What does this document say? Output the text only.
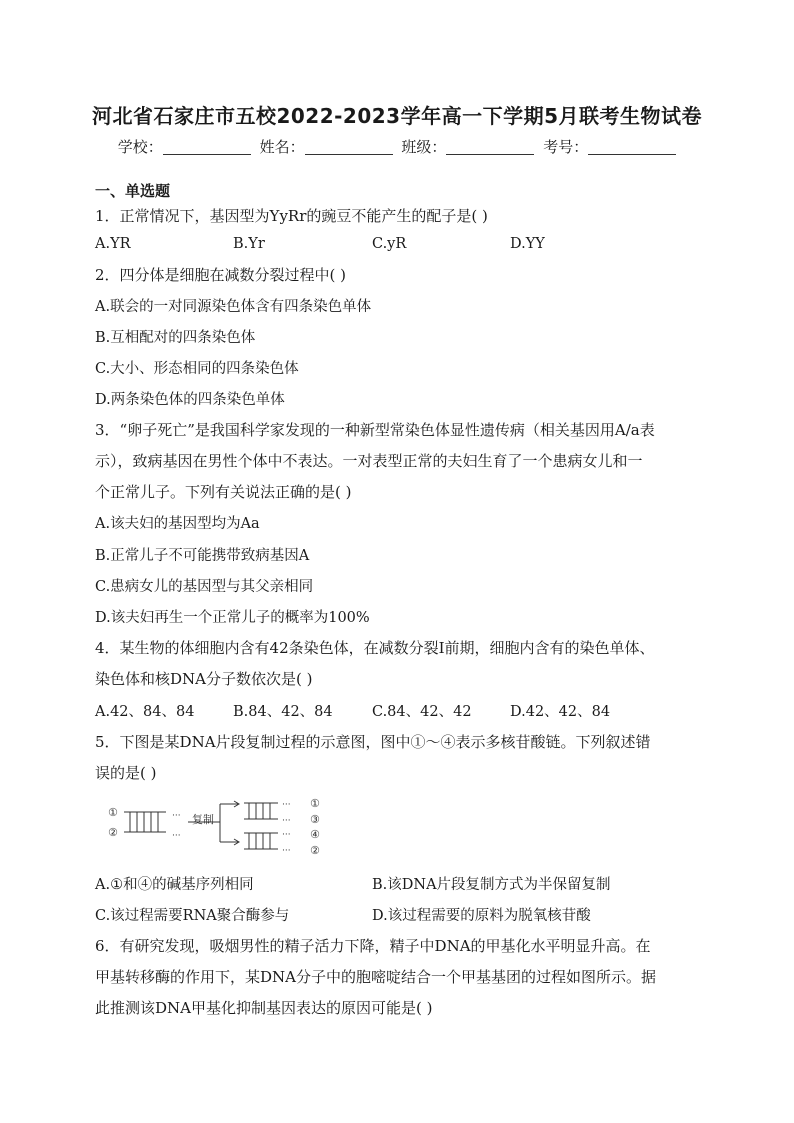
河北省石家庄市五校2022-2023学年高一下学期5月联考生物试卷
学校：	姓名：	班级：	考号：
一、单选题
1．正常情况下，基因型为YyRr的豌豆不能产生的配子是( )
A.YR	B.Yr	C.yR	D.YY
2．四分体是细胞在减数分裂过程中( )
A.联会的一对同源染色体含有四条染色单体
B.互相配对的四条染色体
C.大小、形态相同的四条染色体
D.两条染色体的四条染色单体
3．“卵子死亡”是我国科学家发现的一种新型常染色体显性遗传病（相关基因用A/a表
示），致病基因在男性个体中不表达。一对表型正常的夫妇生育了一个患病女儿和一
个正常儿子。下列有关说法正确的是( )
A.该夫妇的基因型均为Aa
B.正常儿子不可能携带致病基因A
C.患病女儿的基因型与其父亲相同
D.该夫妇再生一个正常儿子的概率为100%
4．某生物的体细胞内含有42条染色体，在减数分裂Ⅰ前期，细胞内含有的染色单体、
染色体和核DNA分子数依次是( )
A.42、84、84	B.84、42、84	C.84、42、42	D.42、42、84
5．下图是某DNA片段复制过程的示意图，图中①～④表示多核苷酸链。下列叙述错
误的是( )
①
②
···
···
复制
···
···
···
···
①
③
④
②
A.①和④的碱基序列相同	B.该DNA片段复制方式为半保留复制
C.该过程需要RNA聚合酶参与	D.该过程需要的原料为脱氧核苷酸
6．有研究发现，吸烟男性的精子活力下降，精子中DNA的甲基化水平明显升高。在
甲基转移酶的作用下，某DNA分子中的胞嘧啶结合一个甲基基团的过程如图所示。据
此推测该DNA甲基化抑制基因表达的原因可能是( )
